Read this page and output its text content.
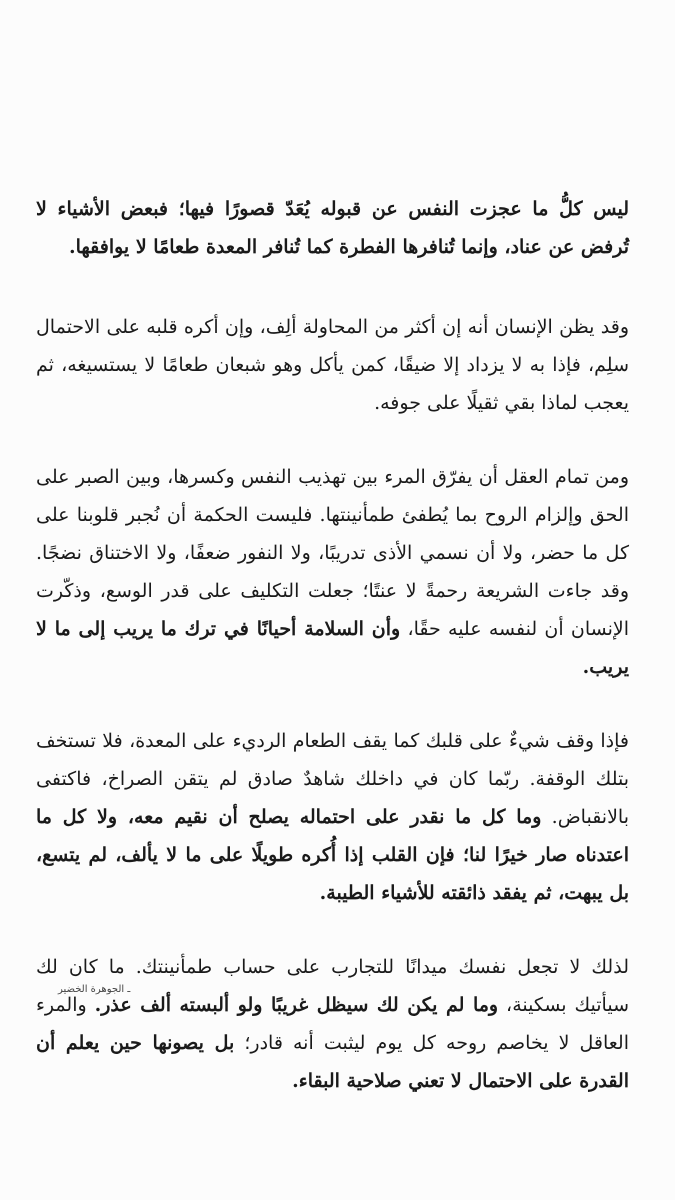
ليس كلُّ ما عجزت النفس عن قبوله يُعَدّ قصورًا فيها؛ فبعض الأشياء لا تُرفض عن عناد، وإنما تُنافرها الفطرة كما تُنافر المعدة طعامًا لا يوافقها.

وقد يظن الإنسان أنه إن أكثر من المحاولة ألِف، وإن أكره قلبه على الاحتمال سلِم، فإذا به لا يزداد إلا ضيقًا، كمن يأكل وهو شبعان طعامًا لا يستسيغه، ثم يعجب لماذا بقي ثقيلًا على جوفه.

ومن تمام العقل أن يفرّق المرء بين تهذيب النفس وكسرها، وبين الصبر على الحق وإلزام الروح بما يُطفئ طمأنينتها. فليست الحكمة أن نُجبر قلوبنا على كل ما حضر، ولا أن نسمي الأذى تدريبًا، ولا النفور ضعفًا، ولا الاختناق نضجًا. وقد جاءت الشريعة رحمةً لا عنتًا؛ جعلت التكليف على قدر الوسع، وذكّرت الإنسان أن لنفسه عليه حقًا، وأن السلامة أحيانًا في ترك ما يريب إلى ما لا يريب.

فإذا وقف شيءٌ على قلبك كما يقف الطعام الرديء على المعدة، فلا تستخف بتلك الوقفة. ربّما كان في داخلك شاهدٌ صادق لم يتقن الصراخ، فاكتفى بالانقباض. وما كل ما نقدر على احتماله يصلح أن نقيم معه، ولا كل ما اعتدناه صار خيرًا لنا؛ فإن القلب إذا أُكره طويلًا على ما لا يألف، لم يتسع، بل يبهت، ثم يفقد ذائقته للأشياء الطيبة.

لذلك لا تجعل نفسك ميدانًا للتجارب على حساب طمأنينتك. ما كان لك سيأتيك بسكينة، وما لم يكن لك سيظل غريبًا ولو ألبسته ألف عذر. والمرء العاقل لا يخاصم روحه كل يوم ليثبت أنه قادر؛ بل يصونها حين يعلم أن القدرة على الاحتمال لا تعني صلاحية البقاء.

ـ الجوهرة الخضير
